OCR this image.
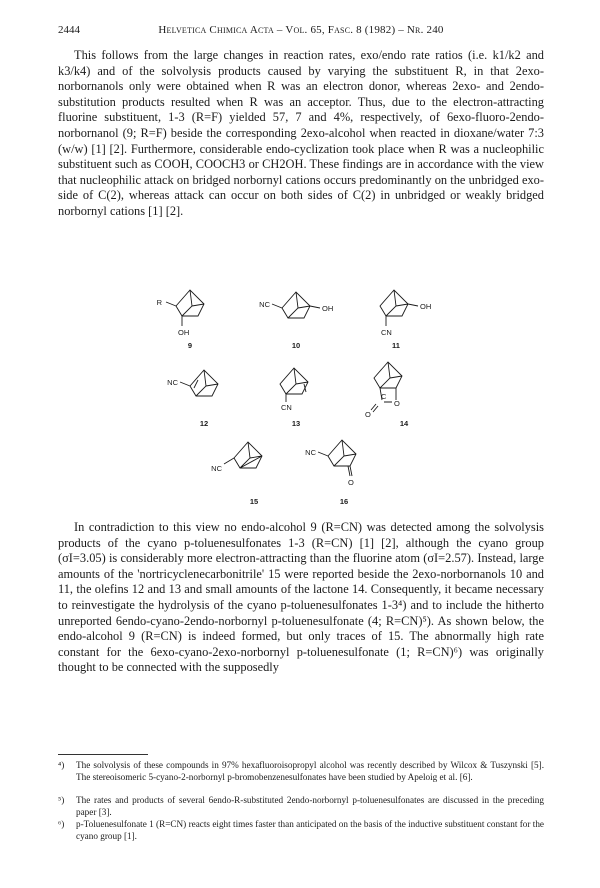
2444	Helvetica Chimica Acta – Vol. 65, Fasc. 8 (1982) – Nr. 240

This follows from the large changes in reaction rates, exo/endo rate ratios (i.e. k1/k2 and k3/k4) and of the solvolysis products caused by varying the substituent R, in that 2exo-norbornanols only were obtained when R was an electron donor, whereas 2exo- and 2endo-substitution products resulted when R was an acceptor. Thus, due to the electron-attracting fluorine substituent, 1-3 (R=F) yielded 57, 7 and 4%, respectively, of 6exo-fluoro-2endo-norbornanol (9; R=F) beside the corresponding 2exo-alcohol when reacted in dioxane/water 7:3 (w/w) [1] [2]. Furthermore, considerable endo-cyclization took place when R was a nucleophilic substituent such as COOH, COOCH3 or CH2OH. These findings are in accordance with the view that nucleophilic attack on bridged norbornyl cations occurs predominantly on the unbridged exo-side of C(2), whereas attack can occur on both sides of C(2) in unbridged or weakly bridged norbornyl cations [1] [2].

R
OH
9
NC	OH
10
OH
CN
11
NC
12
CN
13
C
O
O
14
NC
15
NC
O
16

In contradiction to this view no endo-alcohol 9 (R=CN) was detected among the solvolysis products of the cyano p-toluenesulfonates 1-3 (R=CN) [1] [2], although the cyano group (σI=3.05) is considerably more electron-attracting than the fluorine atom (σI=2.57). Instead, large amounts of the 'nortricyclenecarbonitrile' 15 were reported beside the 2exo-norbornanols 10 and 11, the olefins 12 and 13 and small amounts of the lactone 14. Consequently, it became necessary to reinvestigate the hydrolysis of the cyano p-toluenesulfonates 1-3⁴) and to include the hitherto unreported 6endo-cyano-2endo-norbornyl p-toluenesulfonate (4; R=CN)⁵). As shown below, the endo-alcohol 9 (R=CN) is indeed formed, but only traces of 15. The abnormally high rate constant for the 6exo-cyano-2exo-norbornyl p-toluenesulfonate (1; R=CN)⁶) was originally thought to be connected with the supposedly

⁴) The solvolysis of these compounds in 97% hexafluoroisopropyl alcohol was recently described by Wilcox & Tuszynski [5]. The stereoisomeric 5-cyano-2-norbornyl p-bromobenzenesulfonates have been studied by Apeloig et al. [6].
⁵) The rates and products of several 6endo-R-substituted 2endo-norbornyl p-toluenesulfonates are discussed in the preceding paper [3].
⁶) p-Toluenesulfonate 1 (R=CN) reacts eight times faster than anticipated on the basis of the inductive substituent constant for the cyano group [1].
